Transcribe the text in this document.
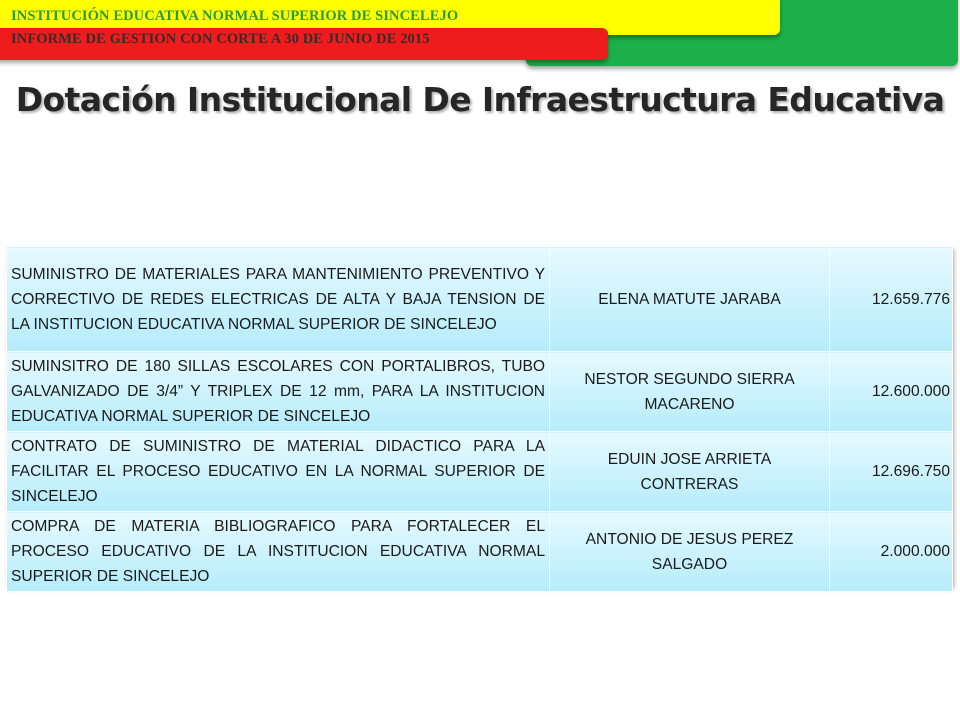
INSTITUCIÓN EDUCATIVA NORMAL SUPERIOR DE SINCELEJO
INFORME DE GESTION CON CORTE A 30 DE JUNIO DE 2015
Dotación Institucional De Infraestructura Educativa
SUMINISTRO DE MATERIALES PARA MANTENIMIENTO PREVENTIVO Y CORRECTIVO DE REDES ELECTRICAS DE ALTA Y BAJA TENSION DE LA INSTITUCION EDUCATIVA NORMAL SUPERIOR DE SINCELEJO	ELENA MATUTE JARABA	12.659.776
SUMINSITRO DE 180 SILLAS ESCOLARES CON PORTALIBROS, TUBO GALVANIZADO DE 3/4” Y TRIPLEX DE 12 mm, PARA LA INSTITUCION EDUCATIVA NORMAL SUPERIOR DE SINCELEJO	NESTOR SEGUNDO SIERRA MACARENO	12.600.000
CONTRATO DE SUMINISTRO DE MATERIAL DIDACTICO PARA LA FACILITAR EL PROCESO EDUCATIVO EN LA NORMAL SUPERIOR DE SINCELEJO	EDUIN JOSE ARRIETA CONTRERAS	12.696.750
COMPRA DE MATERIA BIBLIOGRAFICO PARA FORTALECER EL PROCESO EDUCATIVO DE LA INSTITUCION EDUCATIVA NORMAL SUPERIOR DE SINCELEJO	ANTONIO DE JESUS PEREZ SALGADO	2.000.000
